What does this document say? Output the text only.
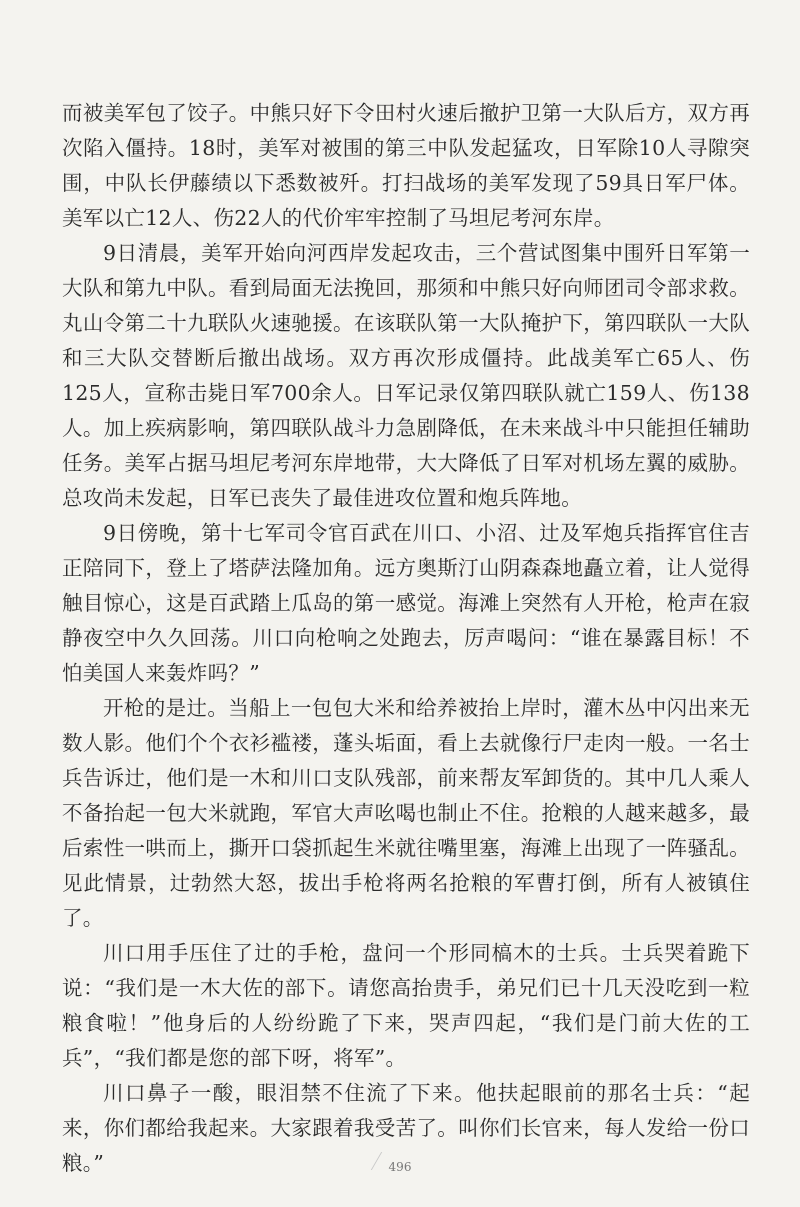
而被美军包了饺子。中熊只好下令田村火速后撤护卫第一大队后方，双方再次陷入僵持。18时，美军对被围的第三中队发起猛攻，日军除10人寻隙突围，中队长伊藤绩以下悉数被歼。打扫战场的美军发现了59具日军尸体。美军以亡12人、伤22人的代价牢牢控制了马坦尼考河东岸。

9日清晨，美军开始向河西岸发起攻击，三个营试图集中围歼日军第一大队和第九中队。看到局面无法挽回，那须和中熊只好向师团司令部求救。丸山令第二十九联队火速驰援。在该联队第一大队掩护下，第四联队一大队和三大队交替断后撤出战场。双方再次形成僵持。此战美军亡65人、伤125人，宣称击毙日军700余人。日军记录仅第四联队就亡159人、伤138人。加上疾病影响，第四联队战斗力急剧降低，在未来战斗中只能担任辅助任务。美军占据马坦尼考河东岸地带，大大降低了日军对机场左翼的威胁。总攻尚未发起，日军已丧失了最佳进攻位置和炮兵阵地。

9日傍晚，第十七军司令官百武在川口、小沼、辻及军炮兵指挥官住吉正陪同下，登上了塔萨法隆加角。远方奥斯汀山阴森森地矗立着，让人觉得触目惊心，这是百武踏上瓜岛的第一感觉。海滩上突然有人开枪，枪声在寂静夜空中久久回荡。川口向枪响之处跑去，厉声喝问：“谁在暴露目标！不怕美国人来轰炸吗？”

开枪的是辻。当船上一包包大米和给养被抬上岸时，灌木丛中闪出来无数人影。他们个个衣衫褴褛，蓬头垢面，看上去就像行尸走肉一般。一名士兵告诉辻，他们是一木和川口支队残部，前来帮友军卸货的。其中几人乘人不备抬起一包大米就跑，军官大声吆喝也制止不住。抢粮的人越来越多，最后索性一哄而上，撕开口袋抓起生米就往嘴里塞，海滩上出现了一阵骚乱。见此情景，辻勃然大怒，拔出手枪将两名抢粮的军曹打倒，所有人被镇住了。

川口用手压住了辻的手枪，盘问一个形同槁木的士兵。士兵哭着跪下说：“我们是一木大佐的部下。请您高抬贵手，弟兄们已十几天没吃到一粒粮食啦！”他身后的人纷纷跪了下来，哭声四起，“我们是门前大佐的工兵”，“我们都是您的部下呀，将军”。

川口鼻子一酸，眼泪禁不住流了下来。他扶起眼前的那名士兵：“起来，你们都给我起来。大家跟着我受苦了。叫你们长官来，每人发给一份口粮。”	496
